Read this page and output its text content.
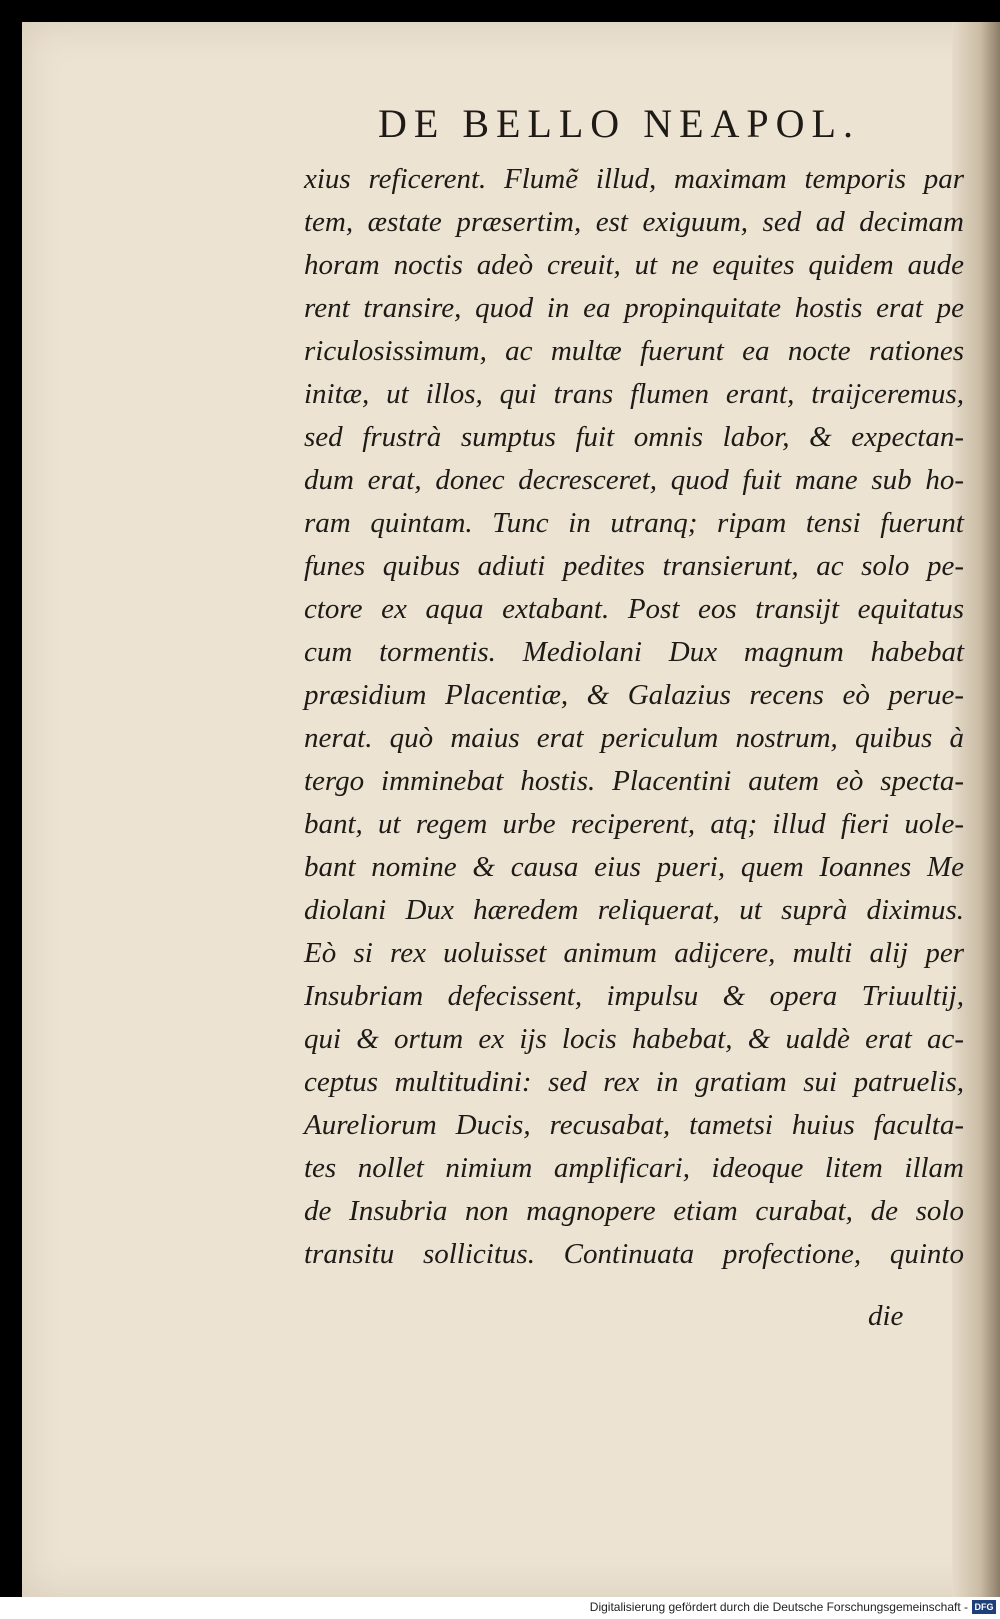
DE BELLO NEAPOL.
xius reficerent. Flumẽ illud, maximam temporis par
tem, æstate præsertim, est exiguum, sed ad decimam
horam noctis adeò creuit, ut ne equites quidem aude
rent transire, quod in ea propinquitate hostis erat pe
riculosissimum, ac multæ fuerunt ea nocte rationes
initæ, ut illos, qui trans flumen erant, traijceremus,
sed frustrà sumptus fuit omnis labor, & expectan-
dum erat, donec decresceret, quod fuit mane sub ho-
ram quintam. Tunc in utranq; ripam tensi fuerunt
funes quibus adiuti pedites transierunt, ac solo pe-
ctore ex aqua extabant. Post eos transijt equitatus
cum tormentis. Mediolani Dux magnum habebat
præsidium Placentiæ, & Galazius recens eò perue-
nerat. quò maius erat periculum nostrum, quibus à
tergo imminebat hostis. Placentini autem eò specta-
bant, ut regem urbe reciperent, atq; illud fieri uole-
bant nomine & causa eius pueri, quem Ioannes Me
diolani Dux hæredem reliquerat, ut suprà diximus.
Eò si rex uoluisset animum adijcere, multi alij per
Insubriam defecissent, impulsu & opera Triuultij,
qui & ortum ex ijs locis habebat, & ualdè erat ac-
ceptus multitudini: sed rex in gratiam sui patruelis,
Aureliorum Ducis, recusabat, tametsi huius faculta-
tes nollet nimium amplificari, ideoque litem illam
de Insubria non magnopere etiam curabat, de solo
transitu sollicitus. Continuata profectione, quinto
die
Digitalisierung gefördert durch die Deutsche Forschungsgemeinschaft - DFG
